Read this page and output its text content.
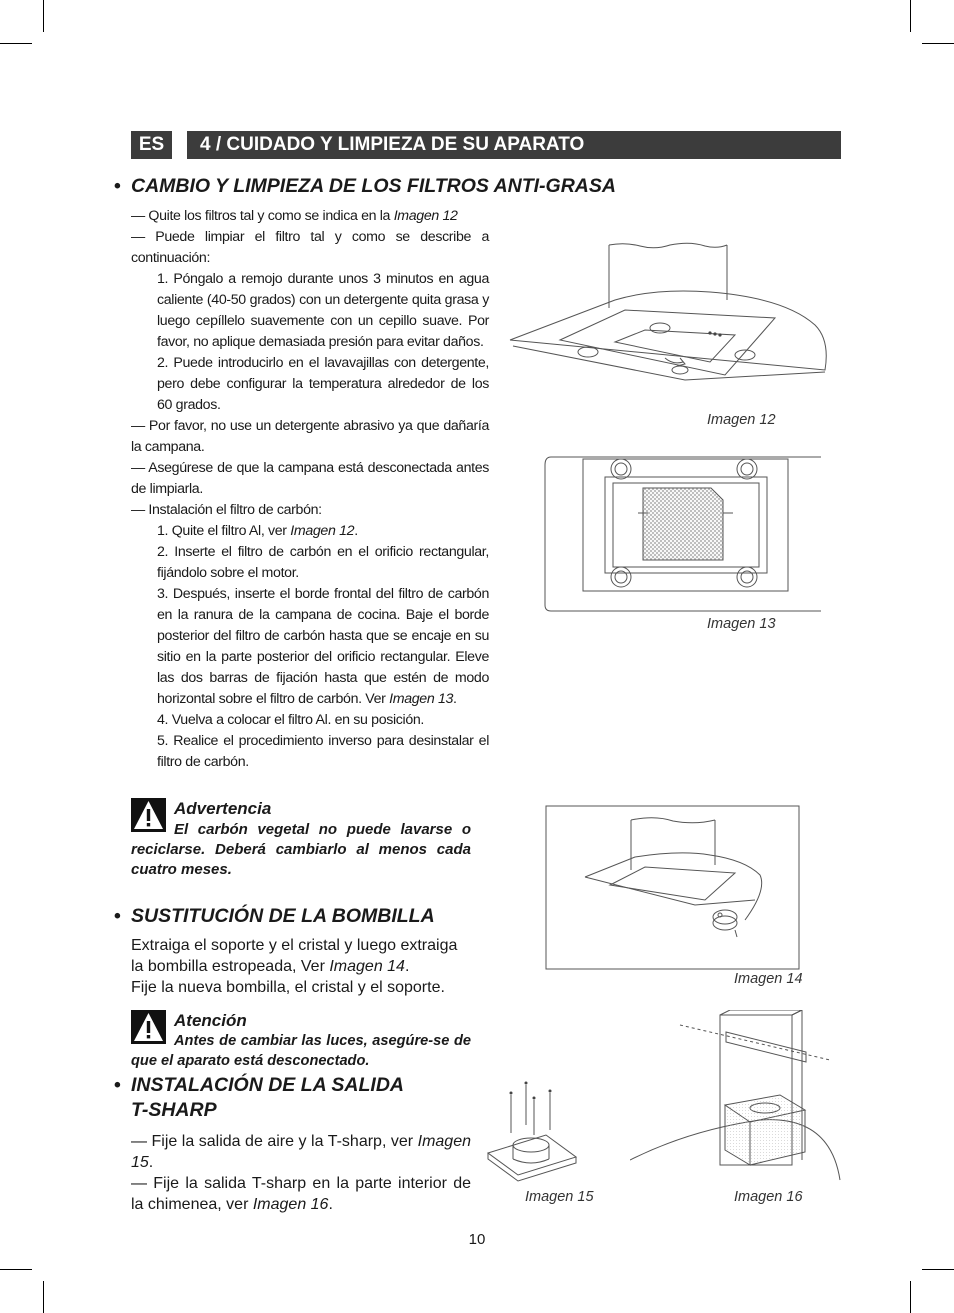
ES	4 / CUIDADO Y LIMPIEZA DE SU APARATO
• CAMBIO Y LIMPIEZA DE LOS FILTROS ANTI-GRASA

— Quite los filtros tal y como se indica en la Imagen 12

— Puede limpiar el filtro tal y como se describe a continuación:

1. Póngalo a remojo durante unos 3 minutos en agua caliente (40-50 grados) con un detergente quita grasa y luego cepíllelo suavemente con un cepillo suave. Por favor, no aplique demasiada presión para evitar daños.

2. Puede introducirlo en el lavavajillas con detergente, pero debe configurar la temperatura alrededor de los 60 grados.

— Por favor, no use un detergente abrasivo ya que dañaría la campana.

— Asegúrese de que la campana está desconectada antes de limpiarla.

— Instalación el filtro de carbón:

1. Quite el filtro Al, ver Imagen 12.

2. Inserte el filtro de carbón en el orificio rectangular, fijándolo sobre el motor.

3. Después, inserte el borde frontal del filtro de carbón en la ranura de la campana de cocina. Baje el borde posterior del filtro de carbón hasta que se encaje en su sitio en la parte posterior del orificio rectangular. Eleve las dos barras de fijación hasta que estén de modo horizontal sobre el filtro de carbón. Ver Imagen 13.

4. Vuelva a colocar el filtro Al. en su posición.

5. Realice el procedimiento inverso para desinstalar el filtro de carbón.

Advertencia
El carbón vegetal no puede lavarse o reciclarse. Deberá cambiarlo al menos cada cuatro meses.
• SUSTITUCIÓN DE LA BOMBILLA

Extraiga el soporte y el cristal y luego extraiga la bombilla estropeada, Ver Imagen 14.

Fije la nueva bombilla, el cristal y el soporte.

Atención
Antes de cambiar las luces, asegúre-se de que el aparato está desconectado.
• INSTALACIÓN DE LA SALIDA
T-SHARP

— Fije la salida de aire y la T-sharp, ver Imagen 15.

— Fije la salida T-sharp en la parte interior de la chimenea, ver Imagen 16.

Imagen 12
Imagen 13
Imagen 14
Imagen 15	Imagen 16
10
